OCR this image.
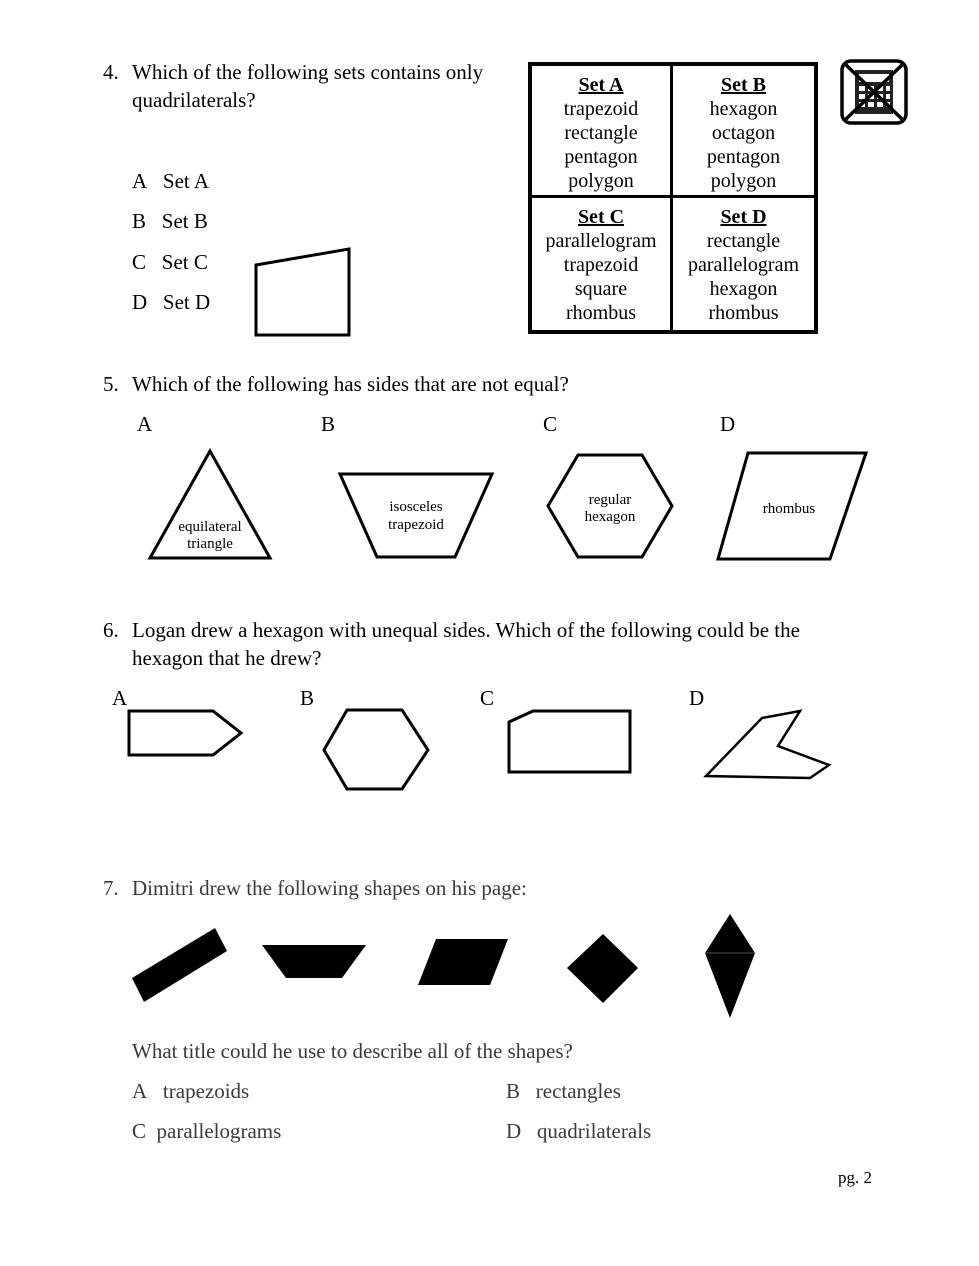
4. Which of the following sets contains only
quadrilaterals?
A Set A
B Set B
C Set C
D Set D
Set A
trapezoid
rectangle
pentagon
polygon
Set B
hexagon
octagon
pentagon
polygon
Set C
parallelogram
trapezoid
square
rhombus
Set D
rectangle
parallelogram
hexagon
rhombus
5. Which of the following has sides that are not equal?
A	B	C	D
equilateral
triangle
isosceles
trapezoid
regular
hexagon	rhombus
6. Logan drew a hexagon with unequal sides. Which of the following could be the
hexagon that he drew?
A	B	C	D
7. Dimitri drew the following shapes on his page:
What title could he use to describe all of the shapes?
A trapezoids	B rectangles
C parallelograms	D quadrilaterals
pg. 2
